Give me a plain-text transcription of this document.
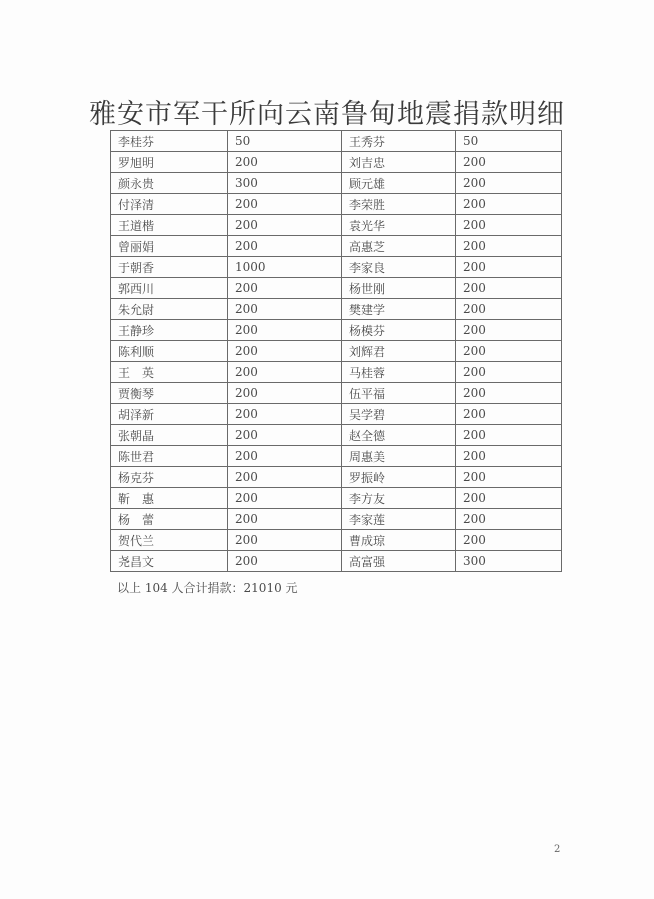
雅安市军干所向云南鲁甸地震捐款明细
李桂芬	50	王秀芬	50
罗旭明	200	刘吉忠	200
颜永贵	300	顾元雄	200
付泽清	200	李荣胜	200
王道楷	200	袁光华	200
曾丽娟	200	高惠芝	200
于朝香	1000	李家良	200
郭西川	200	杨世刚	200
朱允尉	200	樊建学	200
王静珍	200	杨模芬	200
陈利顺	200	刘辉君	200
王　英	200	马桂蓉	200
贾衡琴	200	伍平福	200
胡泽新	200	吴学碧	200
张朝晶	200	赵全德	200
陈世君	200	周惠美	200
杨克芬	200	罗振岭	200
靳　惠	200	李方友	200
杨　蕾	200	李家莲	200
贺代兰	200	曹成琼	200
尧昌文	200	高富强	300
以上 104 人合计捐款：21010 元
2
